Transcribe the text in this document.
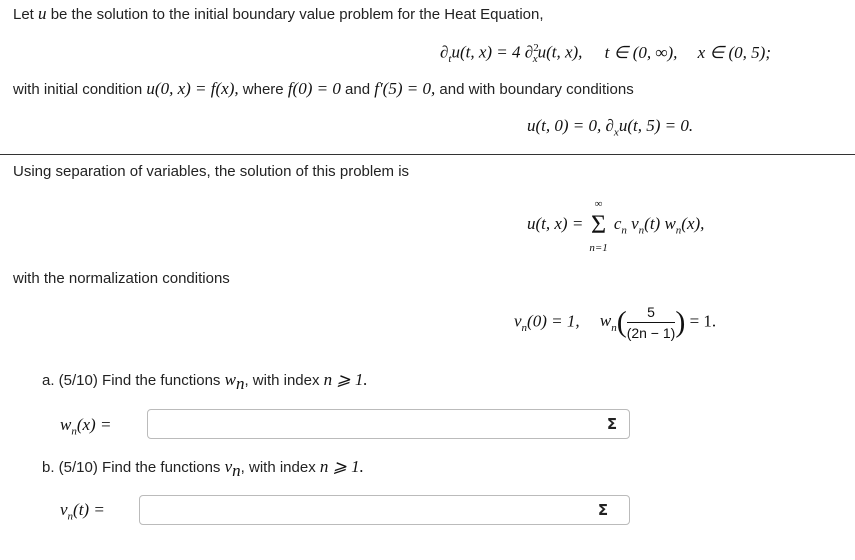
Let u be the solution to the initial boundary value problem for the Heat Equation,
$\partial_tu(t$, x) = 4 ∂$^2_x$u(t, x), t ∈ (0, ∞), x ∈ (0, 5);
with initial condition u(0, x) = f(x), where f(0) = 0 and f′(5) = 0, and with boundary conditions
u(t, 0) = 0, $\partial_xu(t$, 5) = 0.
Using separation of variables, the solution of this problem is
u(t, x) =
∞
Σ
n=1
$c_n$ $v_n(t)$ $w_n(x)$,
with the normalization conditions
$v_n(0) = 1$, $w_n( \frac{5}{(2n - 1)}$ ) = 1.
a. (5/10) Find the functions $w_n$, with index n ⩾ 1.
$w_n(x)$ =	Σ
b. (5/10) Find the functions $v_n$, with index n ⩾ 1.
$v_n(t)$ =	Σ
